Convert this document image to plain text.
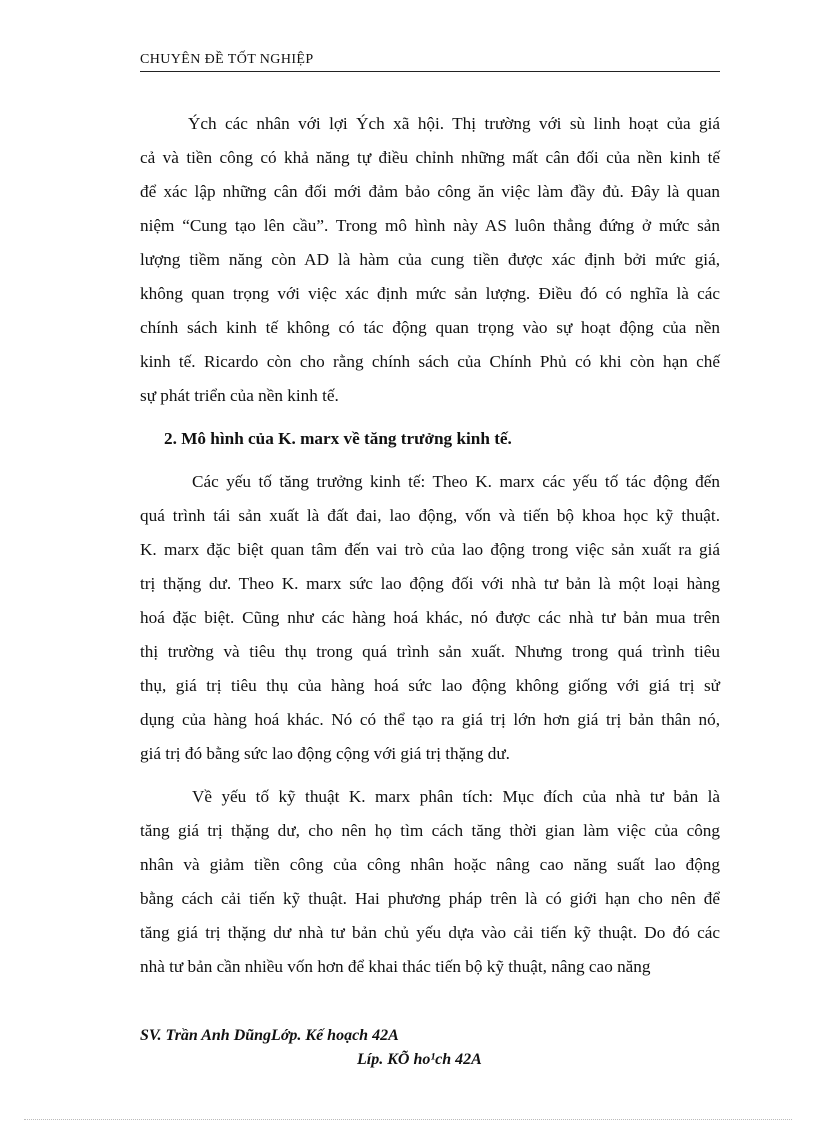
CHUYÊN ĐỀ TỐT NGHIỆP
Ých các nhân với lợi Ých xã hội. Thị trường với sù linh hoạt của giá
cả và tiền công có khả năng tự điều chỉnh những mất cân đối của nền kinh tế
để xác lập những cân đối mới đảm bảo công ăn việc làm đầy đủ. Đây là quan
niệm “Cung tạo lên cầu”. Trong mô hình này AS luôn thẳng đứng ở mức sản
lượng tiềm năng còn AD là hàm của cung tiền được xác định bởi mức giá,
không quan trọng với việc xác định mức sản lượng. Điều đó có nghĩa là các
chính sách kinh tế không có tác động quan trọng vào sự hoạt động của nền
kinh tế. Ricardo còn cho rằng chính sách của Chính Phủ có khi còn hạn chế
sự phát triển của nền kinh tế.
2. Mô hình của K. marx về tăng trưởng kinh tế.
Các yếu tố tăng trưởng kinh tế: Theo K. marx các yếu tố tác động đến
quá trình tái sản xuất là đất đai, lao động, vốn và tiến bộ khoa học kỹ thuật.
K. marx đặc biệt quan tâm đến vai trò của lao động trong việc sản xuất ra giá
trị thặng dư. Theo K. marx sức lao động đối với nhà tư bản là một loại hàng
hoá đặc biệt. Cũng như các hàng hoá khác, nó được các nhà tư bản mua trên
thị trường và tiêu thụ trong quá trình sản xuất. Nhưng trong quá trình tiêu
thụ, giá trị tiêu thụ của hàng hoá sức lao động không giống với giá trị sử
dụng của hàng hoá khác. Nó có thể tạo ra giá trị lớn hơn giá trị bản thân nó,
giá trị đó bằng sức lao động cộng với giá trị thặng dư.
Về yếu tố kỹ thuật K. marx phân tích: Mục đích của nhà tư bản là
tăng giá trị thặng dư, cho nên họ tìm cách tăng thời gian làm việc của công
nhân và giảm tiền công của công nhân hoặc nâng cao năng suất lao động
bằng cách cải tiến kỹ thuật. Hai phương pháp trên là có giới hạn cho nên để
tăng giá trị thặng dư nhà tư bản chủ yếu dựa vào cải tiến kỹ thuật. Do đó các
nhà tư bản cần nhiều vốn hơn để khai thác tiến bộ kỹ thuật, nâng cao năng
SV. Trần Anh DũngLớp. Kế hoạch 42A
Líp. KÕ ho¹ch 42A
